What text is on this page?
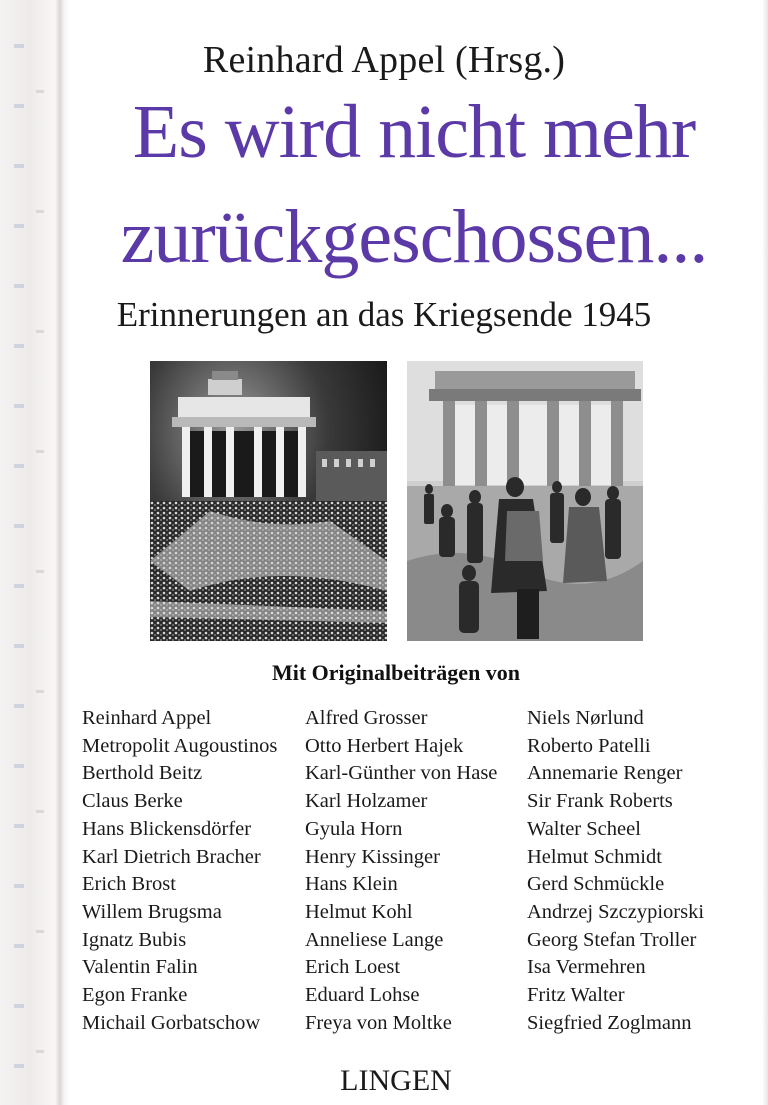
Reinhard Appel (Hrsg.)
Es wird nicht mehr
zurückgeschossen...
Erinnerungen an das Kriegsende 1945
Mit Originalbeiträgen von
Reinhard Appel
Metropolit Augoustinos
Berthold Beitz
Claus Berke
Hans Blickensdörfer
Karl Dietrich Bracher
Erich Brost
Willem Brugsma
Ignatz Bubis
Valentin Falin
Egon Franke
Michail Gorbatschow
Alfred Grosser
Otto Herbert Hajek
Karl-Günther von Hase
Karl Holzamer
Gyula Horn
Henry Kissinger
Hans Klein
Helmut Kohl
Anneliese Lange
Erich Loest
Eduard Lohse
Freya von Moltke
Niels Nørlund
Roberto Patelli
Annemarie Renger
Sir Frank Roberts
Walter Scheel
Helmut Schmidt
Gerd Schmückle
Andrzej Szczypiorski
Georg Stefan Troller
Isa Vermehren
Fritz Walter
Siegfried Zoglmann
LINGEN
